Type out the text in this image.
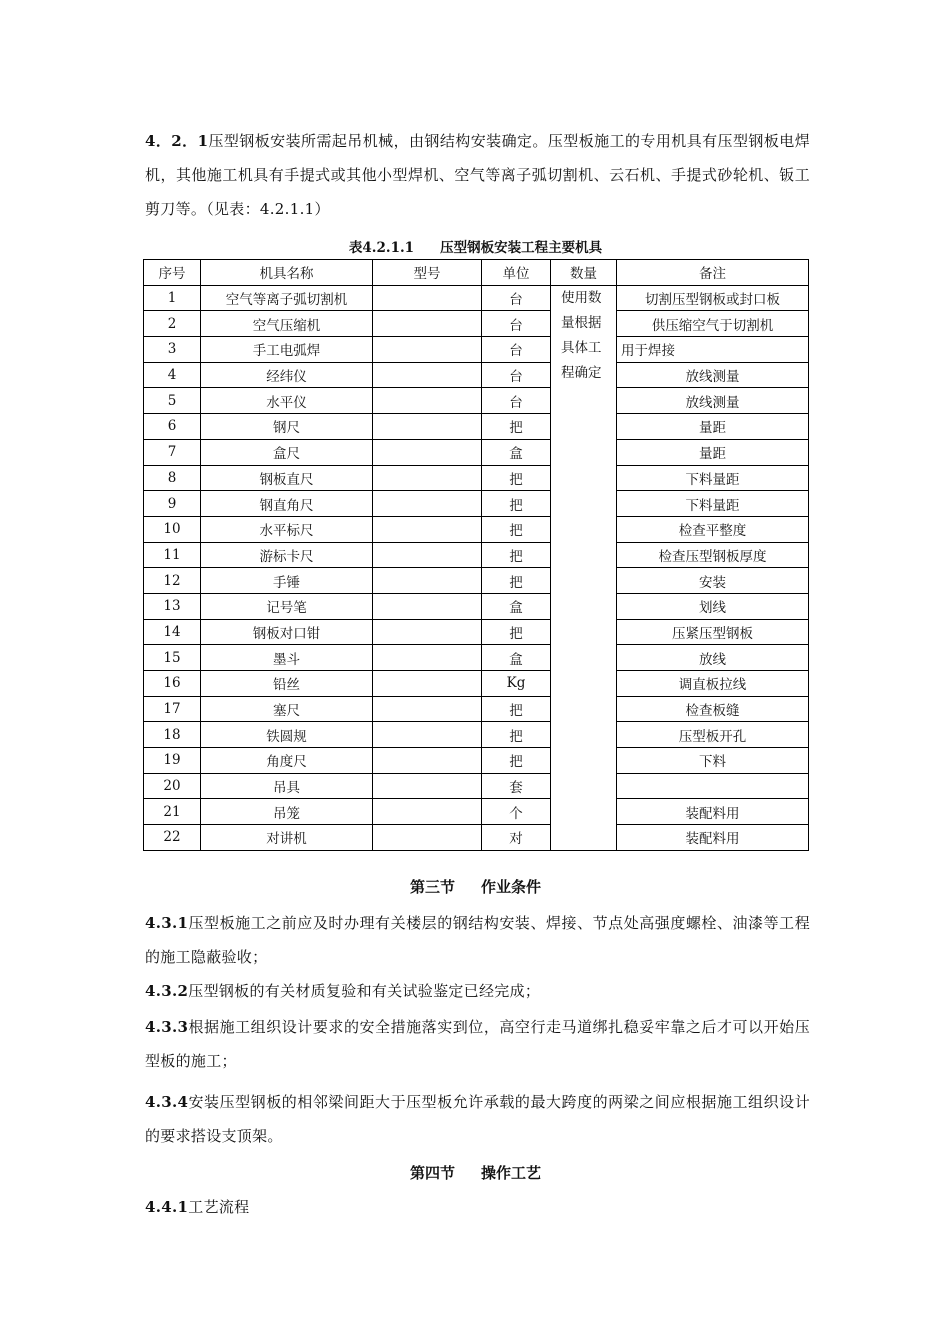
4．2．1压型钢板安装所需起吊机械，由钢结构安装确定。压型板施工的专用机具有压型钢板电焊机，其他施工机具有手提式或其他小型焊机、空气等离子弧切割机、云石机、手提式砂轮机、钣工剪刀等。（见表：4.2.1.1）
表4.2.1.1 压型钢板安装工程主要机具
序号	机具名称	型号	单位	数量	备注
1	空气等离子弧切割机		台	使用数量根据具体工程确定	切割压型钢板或封口板
2	空气压缩机		台		供压缩空气于切割机
3	手工电弧焊		台		用于焊接
4	经纬仪		台		放线测量
5	水平仪		台		放线测量
6	钢尺		把		量距
7	盒尺		盒		量距
8	钢板直尺		把		下料量距
9	钢直角尺		把		下料量距
10	水平标尺		把		检查平整度
11	游标卡尺		把		检查压型钢板厚度
12	手锤		把		安装
13	记号笔		盒		划线
14	钢板对口钳		把		压紧压型钢板
15	墨斗		盒		放线
16	铅丝		Kg		调直板拉线
17	塞尺		把		检查板缝
18	铁圆规		把		压型板开孔
19	角度尺		把		下料
20	吊具		套		
21	吊笼		个		装配料用
22	对讲机		对		装配料用
第三节 作业条件
4.3.1压型板施工之前应及时办理有关楼层的钢结构安装、焊接、节点处高强度螺栓、油漆等工程的施工隐蔽验收；
4.3.2压型钢板的有关材质复验和有关试验鉴定已经完成；
4.3.3根据施工组织设计要求的安全措施落实到位，高空行走马道绑扎稳妥牢靠之后才可以开始压型板的施工；
4.3.4安装压型钢板的相邻梁间距大于压型板允许承载的最大跨度的两梁之间应根据施工组织设计的要求搭设支顶架。
第四节 操作工艺
4.4.1工艺流程
